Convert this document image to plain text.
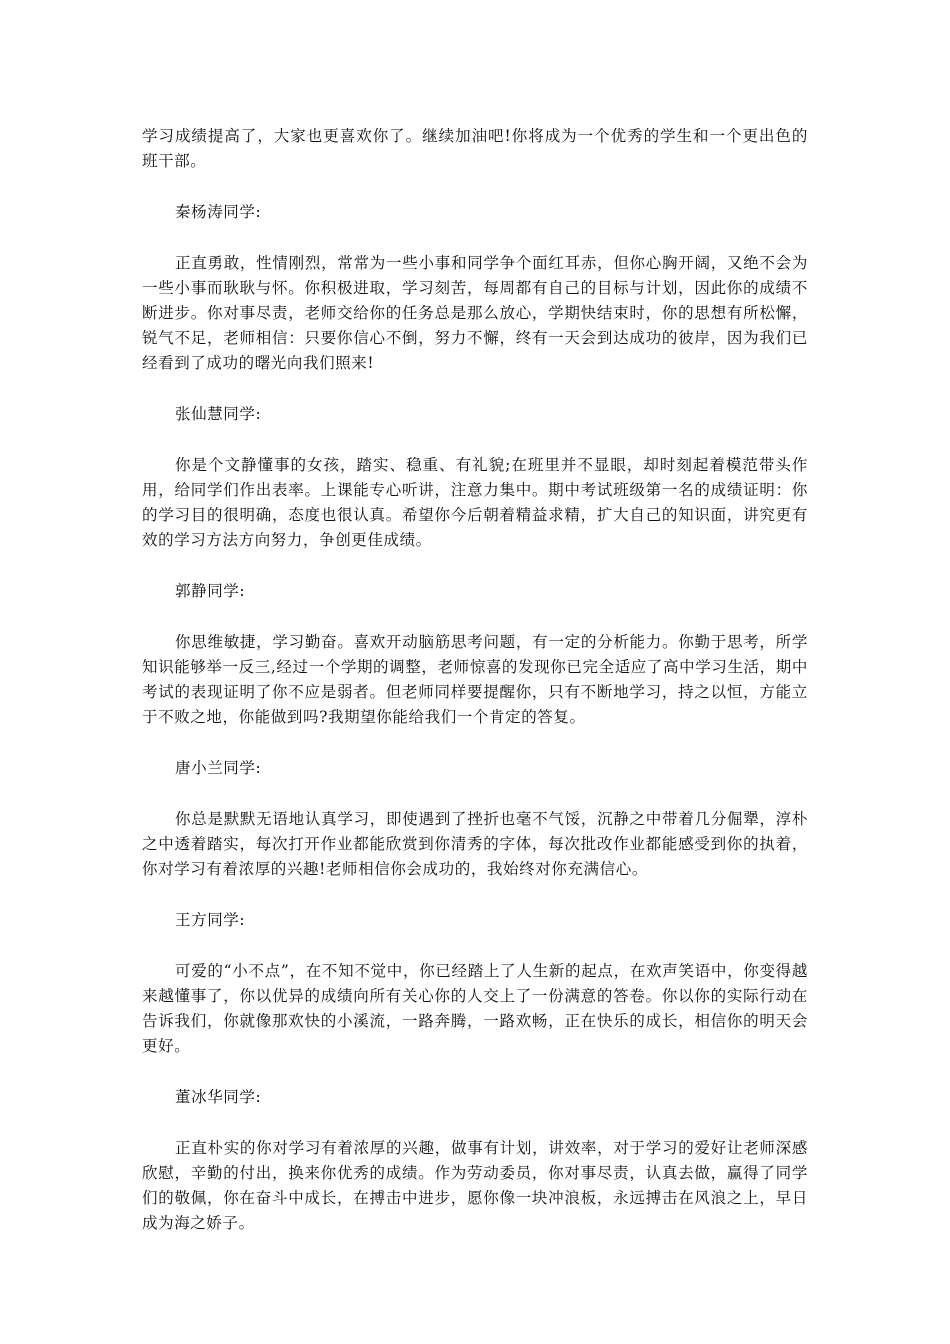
学习成绩提高了，大家也更喜欢你了。继续加油吧!你将成为一个优秀的学生和一个更出色的班干部。

秦杨涛同学:

正直勇敢，性情刚烈，常常为一些小事和同学争个面红耳赤，但你心胸开阔，又绝不会为一些小事而耿耿与怀。你积极进取，学习刻苦，每周都有自己的目标与计划，因此你的成绩不断进步。你对事尽责，老师交给你的任务总是那么放心，学期快结束时，你的思想有所松懈，锐气不足，老师相信：只要你信心不倒，努力不懈，终有一天会到达成功的彼岸，因为我们已经看到了成功的曙光向我们照来!

张仙慧同学:

你是个文静懂事的女孩，踏实、稳重、有礼貌;在班里并不显眼，却时刻起着模范带头作用，给同学们作出表率。上课能专心听讲，注意力集中。期中考试班级第一名的成绩证明：你的学习目的很明确，态度也很认真。希望你今后朝着精益求精，扩大自己的知识面，讲究更有效的学习方法方向努力，争创更佳成绩。

郭静同学:

你思维敏捷，学习勤奋。喜欢开动脑筋思考问题，有一定的分析能力。你勤于思考，所学知识能够举一反三,经过一个学期的调整，老师惊喜的发现你已完全适应了高中学习生活，期中考试的表现证明了你不应是弱者。但老师同样要提醒你，只有不断地学习，持之以恒，方能立于不败之地，你能做到吗?我期望你能给我们一个肯定的答复。

唐小兰同学:

你总是默默无语地认真学习，即使遇到了挫折也毫不气馁，沉静之中带着几分倔犟，淳朴之中透着踏实，每次打开作业都能欣赏到你清秀的字体，每次批改作业都能感受到你的执着，你对学习有着浓厚的兴趣!老师相信你会成功的，我始终对你充满信心。

王方同学:

可爱的“小不点”，在不知不觉中，你已经踏上了人生新的起点，在欢声笑语中，你变得越来越懂事了，你以优异的成绩向所有关心你的人交上了一份满意的答卷。你以你的实际行动在告诉我们，你就像那欢快的小溪流，一路奔腾，一路欢畅，正在快乐的成长，相信你的明天会更好。

董冰华同学:

正直朴实的你对学习有着浓厚的兴趣，做事有计划，讲效率，对于学习的爱好让老师深感欣慰，辛勤的付出，换来你优秀的成绩。作为劳动委员，你对事尽责，认真去做，赢得了同学们的敬佩，你在奋斗中成长，在搏击中进步，愿你像一块冲浪板，永远搏击在风浪之上，早日成为海之娇子。
